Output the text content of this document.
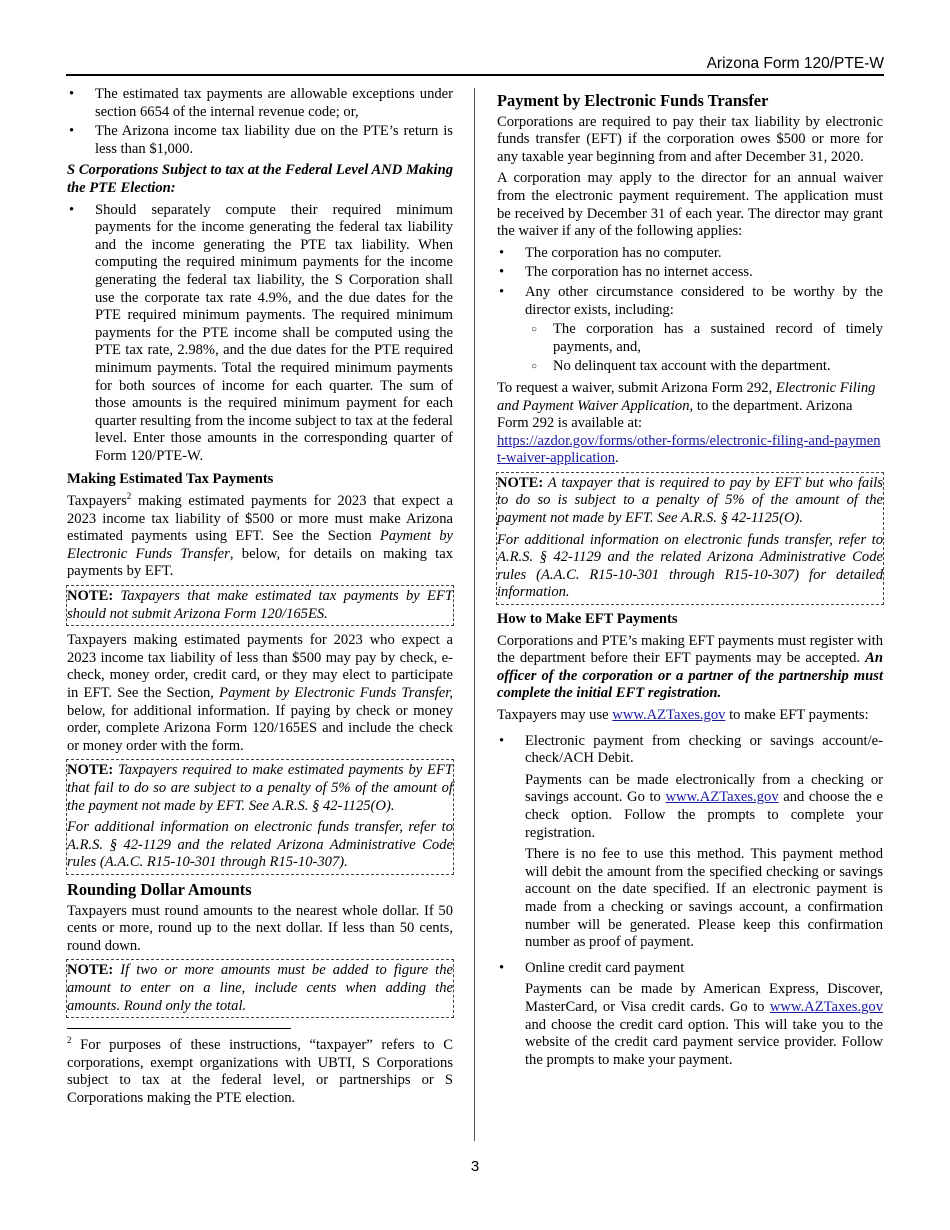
Arizona Form 120/PTE-W
• The estimated tax payments are allowable exceptions under section 6654 of the internal revenue code; or,
• The Arizona income tax liability due on the PTE’s return is less than $1,000.

S Corporations Subject to tax at the Federal Level AND Making the PTE Election:

• Should separately compute their required minimum payments for the income generating the federal tax liability and the income generating the PTE tax liability. When computing the required minimum payments for the income generating the federal tax liability, the S Corporation shall use the corporate tax rate 4.9%, and the due dates for the PTE required minimum payments. The required minimum payments for the PTE income shall be computed using the PTE tax rate, 2.98%, and the due dates for the PTE required minimum payments. Total the required minimum payments for both sources of income for each quarter. The sum of those amounts is the required minimum payment for each quarter resulting from the income subject to tax at the federal level. Enter those amounts in the corresponding quarter of Form 120/PTE-W.
Making Estimated Tax Payments

Taxpayers$^2$ making estimated payments for 2023 that expect a 2023 income tax liability of $500 or more must make Arizona estimated payments using EFT. See the Section Payment by Electronic Funds Transfer, below, for details on making tax payments by EFT.

NOTE: Taxpayers that make estimated tax payments by EFT should not submit Arizona Form 120/165ES.

Taxpayers making estimated payments for 2023 who expect a 2023 income tax liability of less than $500 may pay by check, e-check, money order, credit card, or they may elect to participate in EFT. See the Section, Payment by Electronic Funds Transfer, below, for additional information. If paying by check or money order, complete Arizona Form 120/165ES and include the check or money order with the form.

NOTE: Taxpayers required to make estimated payments by EFT that fail to do so are subject to a penalty of 5% of the amount of the payment not made by EFT. See A.R.S. § 42-1125(O).

For additional information on electronic funds transfer, refer to A.R.S. § 42-1129 and the related Arizona Administrative Code rules (A.A.C. R15-10-301 through R15-10-307).

Rounding Dollar Amounts

Taxpayers must round amounts to the nearest whole dollar. If 50 cents or more, round up to the next dollar. If less than 50 cents, round down.

NOTE: If two or more amounts must be added to figure the amount to enter on a line, include cents when adding the amounts. Round only the total.

$^2$ For purposes of these instructions, “taxpayer” refers to C corporations, exempt organizations with UBTI, S Corporations subject to tax at the federal level, or partnerships or S Corporations making the PTE election.

Payment by Electronic Funds Transfer

Corporations are required to pay their tax liability by electronic funds transfer (EFT) if the corporation owes $500 or more for any taxable year beginning from and after December 31, 2020.

A corporation may apply to the director for an annual waiver from the electronic payment requirement. The application must be received by December 31 of each year. The director may grant the waiver if any of the following applies:

• The corporation has no computer.
• The corporation has no internet access.
• Any other circumstance considered to be worthy by the director exists, including:
○ The corporation has a sustained record of timely payments, and,
○ No delinquent tax account with the department.

To request a waiver, submit Arizona Form 292, Electronic Filing and Payment Waiver Application, to the department. Arizona Form 292 is available at:
https://azdor.gov/forms/other-forms/electronic-filing-and-payment-waiver-application.

NOTE: A taxpayer that is required to pay by EFT but who fails to do so is subject to a penalty of 5% of the amount of the payment not made by EFT. See A.R.S. § 42-1125(O).

For additional information on electronic funds transfer, refer to A.R.S. § 42-1129 and the related Arizona Administrative Code rules (A.A.C. R15-10-301 through R15-10-307) for detailed information.

How to Make EFT Payments

Corporations and PTE’s making EFT payments must register with the department before their EFT payments may be accepted. An officer of the corporation or a partner of the partnership must complete the initial EFT registration.

Taxpayers may use www.AZTaxes.gov to make EFT payments:

• Electronic payment from checking or savings account/e-check/ACH Debit.

Payments can be made electronically from a checking or savings account. Go to www.AZTaxes.gov and choose the e check option. Follow the prompts to complete your registration.

There is no fee to use this method. This payment method will debit the amount from the specified checking or savings account on the date specified. If an electronic payment is made from a checking or savings account, a confirmation number will be generated. Please keep this confirmation number as proof of payment.

• Online credit card payment

Payments can be made by American Express, Discover, MasterCard, or Visa credit cards. Go to www.AZTaxes.gov and choose the credit card option. This will take you to the website of the credit card payment service provider. Follow the prompts to make your payment.

3
